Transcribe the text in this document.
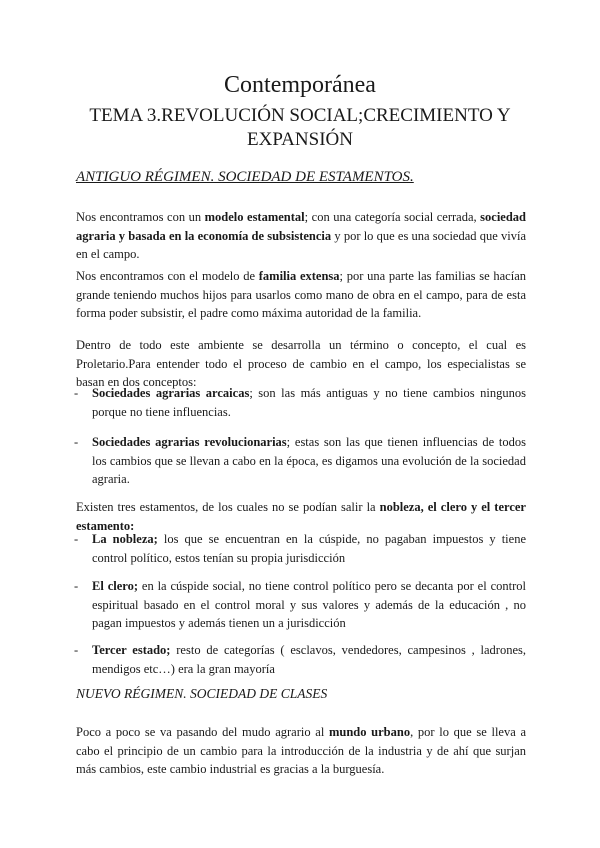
Contemporánea
TEMA 3.REVOLUCIÓN SOCIAL;CRECIMIENTO Y
EXPANSIÓN
ANTIGUO RÉGIMEN. SOCIEDAD DE ESTAMENTOS.

Nos encontramos con un modelo estamental; con una categoría social cerrada, sociedad agraria y basada en la economía de subsistencia y por lo que es una sociedad que vivía en el campo.

Nos encontramos con el modelo de familia extensa; por una parte las familias se hacían grande teniendo muchos hijos para usarlos como mano de obra en el campo, para de esta forma poder subsistir, el padre como máxima autoridad de la familia.

Dentro de todo este ambiente se desarrolla un término o concepto, el cual es Proletario.Para entender todo el proceso de cambio en el campo, los especialistas se basan en dos conceptos:

- Sociedades agrarias arcaicas; son las más antiguas y no tiene cambios ningunos porque no tiene influencias.

- Sociedades agrarias revolucionarias; estas son las que tienen influencias de todos los cambios que se llevan a cabo en la época, es digamos una evolución de la sociedad agraria.

Existen tres estamentos, de los cuales no se podían salir la nobleza, el clero y el tercer estamento:

- La nobleza; los que se encuentran en la cúspide, no pagaban impuestos y tiene control político, estos tenían su propia jurisdicción

- El clero; en la cúspide social, no tiene control político pero se decanta por el control espiritual basado en el control moral y sus valores y además de la educación , no pagan impuestos y además tienen un a jurisdicción

- Tercer estado; resto de categorías ( esclavos, vendedores, campesinos , ladrones, mendigos etc…) era la gran mayoría

NUEVO RÉGIMEN. SOCIEDAD DE CLASES

Poco a poco se va pasando del mudo agrario al mundo urbano, por lo que se lleva a cabo el principio de un cambio para la introducción de la industria y de ahí que surjan más cambios, este cambio industrial es gracias a la burguesía.
